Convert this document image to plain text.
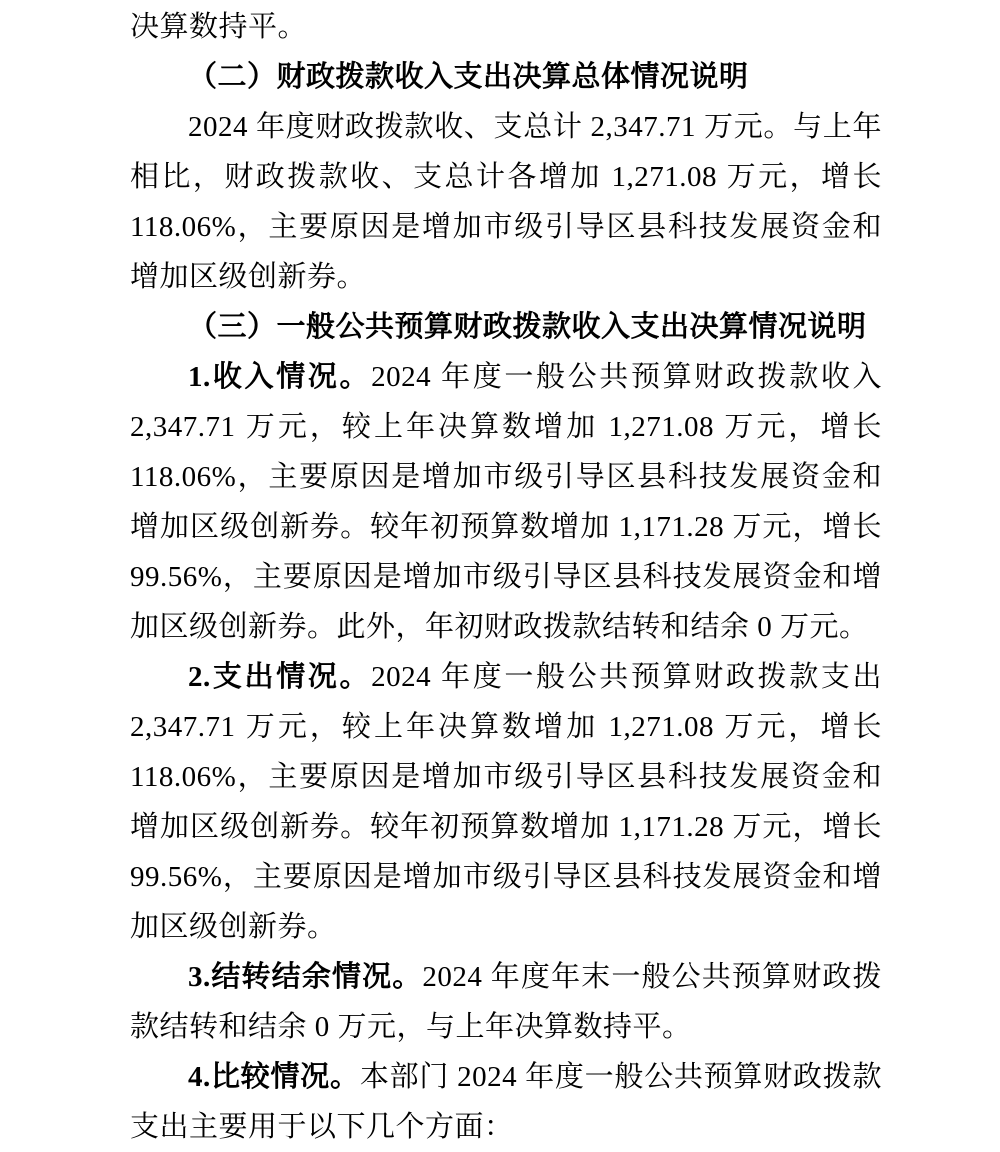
决算数持平。

（二）财政拨款收入支出决算总体情况说明

2024 年度财政拨款收、支总计 2,347.71 万元。与上年相比，财政拨款收、支总计各增加 1,271.08 万元，增长 118.06%，主要原因是增加市级引导区县科技发展资金和增加区级创新券。

（三）一般公共预算财政拨款收入支出决算情况说明

1.收入情况。2024 年度一般公共预算财政拨款收入 2,347.71 万元，较上年决算数增加 1,271.08 万元，增长 118.06%，主要原因是增加市级引导区县科技发展资金和增加区级创新券。较年初预算数增加 1,171.28 万元，增长 99.56%，主要原因是增加市级引导区县科技发展资金和增加区级创新券。此外，年初财政拨款结转和结余 0 万元。

2.支出情况。2024 年度一般公共预算财政拨款支出 2,347.71 万元，较上年决算数增加 1,271.08 万元，增长 118.06%，主要原因是增加市级引导区县科技发展资金和增加区级创新券。较年初预算数增加 1,171.28 万元，增长 99.56%，主要原因是增加市级引导区县科技发展资金和增加区级创新券。

3.结转结余情况。2024 年度年末一般公共预算财政拨款结转和结余 0 万元，与上年决算数持平。

4.比较情况。本部门 2024 年度一般公共预算财政拨款支出主要用于以下几个方面：
